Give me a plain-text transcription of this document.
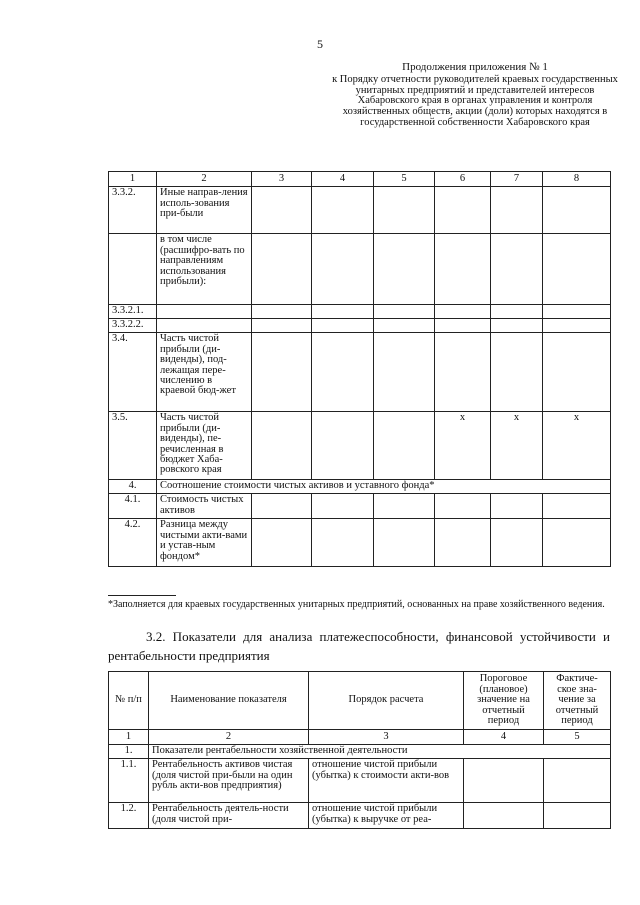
5
Продолжения приложения № 1
к Порядку отчетности руководителей краевых государственных унитарных предприятий и представителей интересов Хабаровского края в органах управления и контроля хозяйственных обществ, акции (доли) которых находятся в государственной собственности Хабаровского края
1	2	3	4	5	6	7	8
3.3.2.	Иные направ-ления исполь-зования при-были						
	в том числе (расшифро-вать по направлениям использования прибыли):						
3.3.2.1.							
3.3.2.2.							
3.4.	Часть чистой прибыли (ди-виденды), под-лежащая пере-числению в краевой бюд-жет						
3.5.	Часть чистой прибыли (ди-виденды), пе-речисленная в бюджет Хаба-ровского края				x	x	x
4.	Соотношение стоимости чистых активов и уставного фонда*						
4.1.	Стоимость чистых активов						
4.2.	Разница между чистыми акти-вами и устав-ным фондом*						
*Заполняется для краевых государственных унитарных предприятий, основанных на праве хозяйственного ведения.
3.2. Показатели для анализа платежеспособности, финансовой устойчивости и рентабельности предприятия
№ п/п	Наименование показателя	Порядок расчета	Пороговое (плановое) значение на отчетный период	Фактиче-ское зна-чение за отчетный период
1	2	3	4	5
1.	Показатели рентабельности хозяйственной деятельности			
1.1.	Рентабельность активов чистая (доля чистой при-были на один рубль акти-вов предприятия)	отношение чистой прибыли (убытка) к стоимости акти-вов		
1.2.	Рентабельность деятель-ности (доля чистой при-	отношение чистой прибыли (убытка) к выручке от реа-		
